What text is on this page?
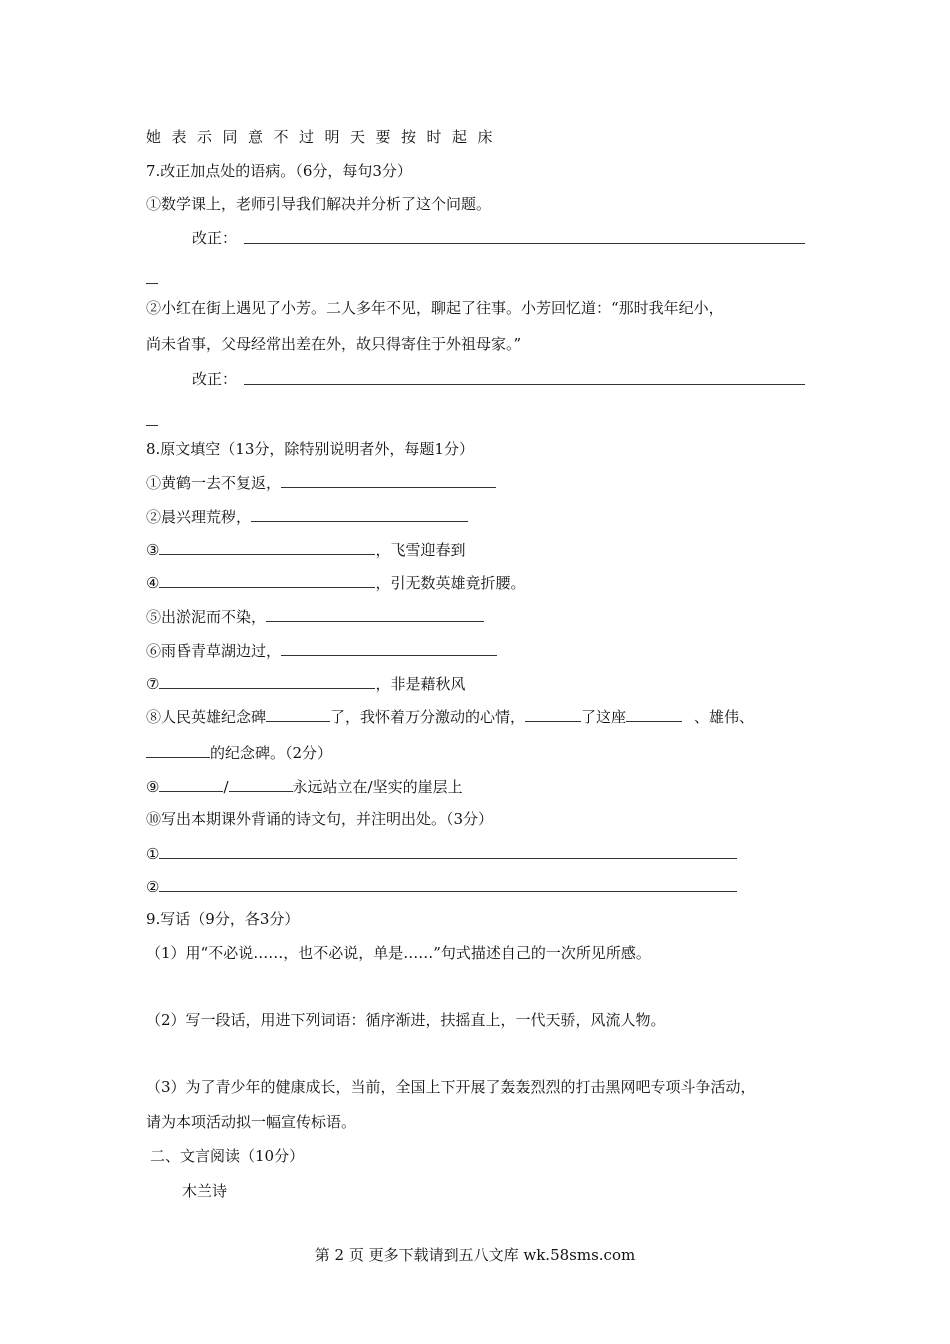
她表示同意不过明天要按时起床
7.改正加点处的语病。（6分，每句3分）
①数学课上，老师引导我们解决并分析了这个问题。
改正：
②小红在街上遇见了小芳。二人多年不见，聊起了往事。小芳回忆道：“那时我年纪小，
尚未省事，父母经常出差在外，故只得寄住于外祖母家。”
改正：
8.原文填空（13分，除特别说明者外，每题1分）
①黄鹤一去不复返，
②晨兴理荒秽，
③	，飞雪迎春到
④	，引无数英雄竟折腰。
⑤出淤泥而不染，
⑥雨昏青草湖边过，
⑦	，非是藉秋风
⑧人民英雄纪念碑	了，我怀着万分激动的心情，	了这座	、雄伟、
的纪念碑。（2分）
⑨	/	永远站立在/坚实的崖层上
⑩写出本期课外背诵的诗文句，并注明出处。（3分）
①
②
9.写话（9分，各3分）
（1）用“不必说……，也不必说，单是……”句式描述自己的一次所见所感。
（2）写一段话，用进下列词语：循序渐进，扶摇直上，一代天骄，风流人物。
（3）为了青少年的健康成长，当前，全国上下开展了轰轰烈烈的打击黑网吧专项斗争活动，
请为本项活动拟一幅宣传标语。
二、文言阅读（10分）
木兰诗
第 2 页 更多下载请到五八文库 wk.58sms.com
